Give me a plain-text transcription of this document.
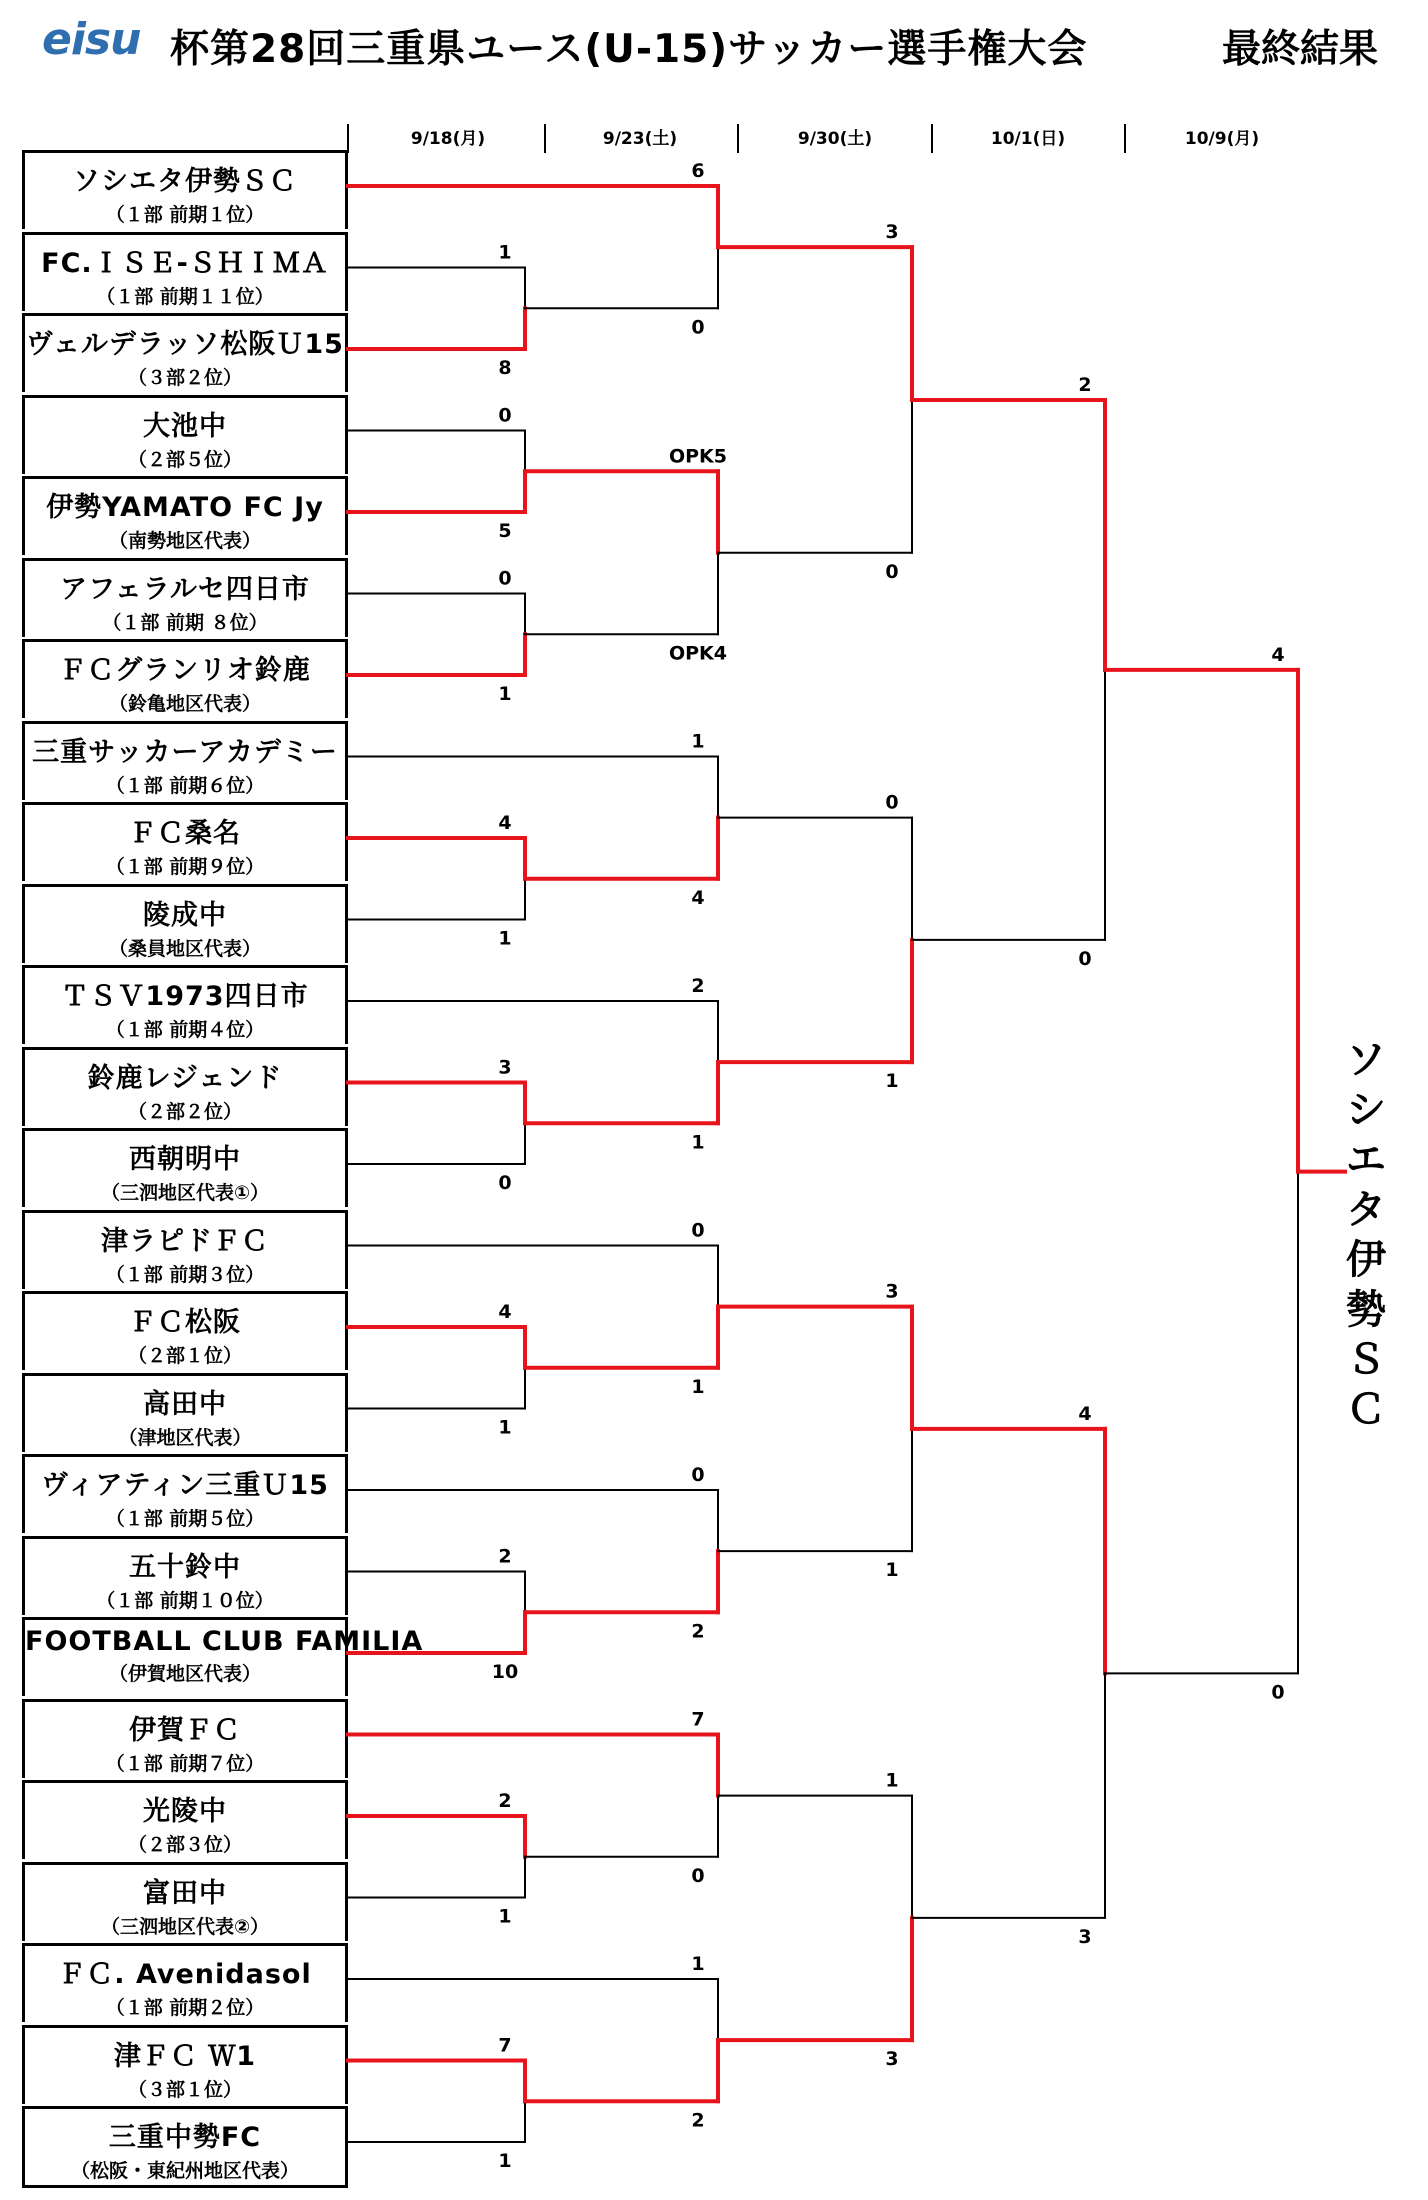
eisu 杯第28回三重県ユース(U-15)サッカー選手権大会	最終結果
ソシエタ伊勢ＳＣ
（１部 前期１位）
FC.ＩＳＥ-ＳＨＩＭＡ
（１部 前期１１位）
ヴェルデラッソ松阪Ｕ15
（３部２位）
大池中
（２部５位）
伊勢YAMATO FC Jy
（南勢地区代表）
アフェラルセ四日市
（１部 前期 ８位）
ＦＣグランリオ鈴鹿
（鈴亀地区代表）
三重サッカーアカデミー
（１部 前期６位）
ＦＣ桑名
（１部 前期９位）
陵成中
（桑員地区代表）
ＴＳＶ1973四日市
（１部 前期４位）
鈴鹿レジェンド
（２部２位）
西朝明中
（三泗地区代表①）
津ラピドＦＣ
（１部 前期３位）
ＦＣ松阪
（２部１位）
高田中
（津地区代表）
ヴィアティン三重Ｕ15
（１部 前期５位）
五十鈴中
（１部 前期１０位）
FOOTBALL CLUB FAMILIA
（伊賀地区代表）
伊賀ＦＣ
（１部 前期７位）
光陵中
（２部３位）
富田中
（三泗地区代表②）
ＦＣ. Avenidasol
（１部 前期２位）
津ＦＣ Ｗ1
（３部１位）
三重中勢FC
（松阪・東紀州地区代表）
9/18(月)	9/23(土)	9/30(土)	10/1(日)	10/9(月)
1
8
0
5
0
1
4
1
3
0
4
1
2
10
2
1
7
1
6
0
OPK5
OPK4
1
4
2
1
0
1
0
2
7
0
1
2
3
0
0
1
3
1
1
3
2
0
4
3
4
0
ソ
シ
エ
タ
伊
勢
Ｓ
Ｃ
